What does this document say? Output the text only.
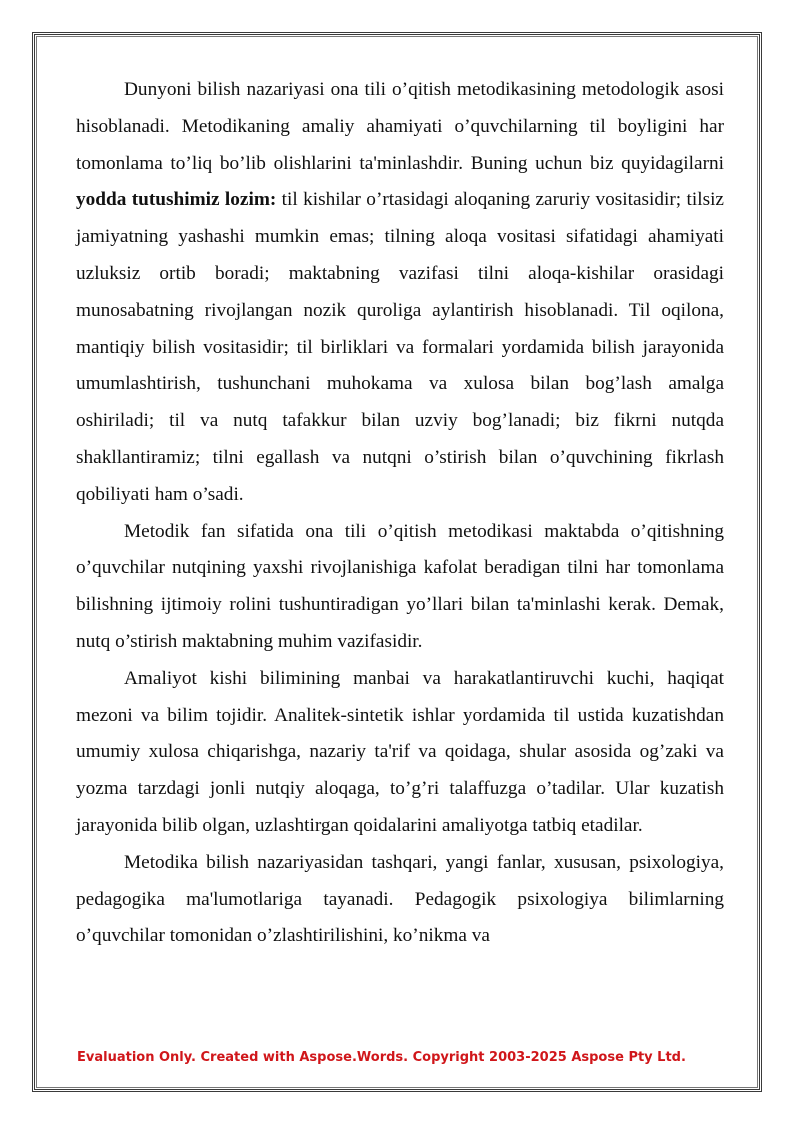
Dunyoni bilish nazariyasi ona tili o’qitish metodikasining metodologik asosi hisoblanadi. Metodikaning amaliy ahamiyati o’quvchilarning til boyligini har tomonlama to’liq bo’lib olishlarini ta'minlashdir. Buning uchun biz quyidagilarni yodda tutushimiz lozim: til kishilar o’rtasidagi aloqaning zaruriy vositasidir; tilsiz jamiyatning yashashi mumkin emas; tilning aloqa vositasi sifatidagi ahamiyati uzluksiz ortib boradi; maktabning vazifasi tilni aloqa-kishilar orasidagi munosabatning rivojlangan nozik quroliga aylantirish hisoblanadi. Til oqilona, mantiqiy bilish vositasidir; til birliklari va formalari yordamida bilish jarayonida umumlashtirish, tushunchani muhokama va xulosa bilan bog’lash amalga oshiriladi; til va nutq tafakkur bilan uzviy bog’lanadi; biz fikrni nutqda shakllantiramiz; tilni egallash va nutqni o’stirish bilan o’quvchining fikrlash qobiliyati ham o’sadi.

Metodik fan sifatida ona tili o’qitish metodikasi maktabda o’qitishning o’quvchilar nutqining yaxshi rivojlanishiga kafolat beradigan tilni har tomonlama bilishning ijtimoiy rolini tushuntiradigan yo’llari bilan ta'minlashi kerak. Demak, nutq o’stirish maktabning muhim vazifasidir.

Amaliyot kishi bilimining manbai va harakatlantiruvchi kuchi, haqiqat mezoni va bilim tojidir. Analitek-sintetik ishlar yordamida til ustida kuzatishdan umumiy xulosa chiqarishga, nazariy ta'rif va qoidaga, shular asosida og’zaki va yozma tarzdagi jonli nutqiy aloqaga, to’g’ri talaffuzga o’tadilar. Ular kuzatish jarayonida bilib olgan, uzlashtirgan qoidalarini amaliyotga tatbiq etadilar.

Metodika bilish nazariyasidan tashqari, yangi fanlar, xususan, psixologiya, pedagogika ma'lumotlariga tayanadi. Pedagogik psixologiya bilimlarning o’quvchilar tomonidan o’zlashtirilishini, ko’nikma va

Evaluation Only. Created with Aspose.Words. Copyright 2003-2025 Aspose Pty Ltd.
